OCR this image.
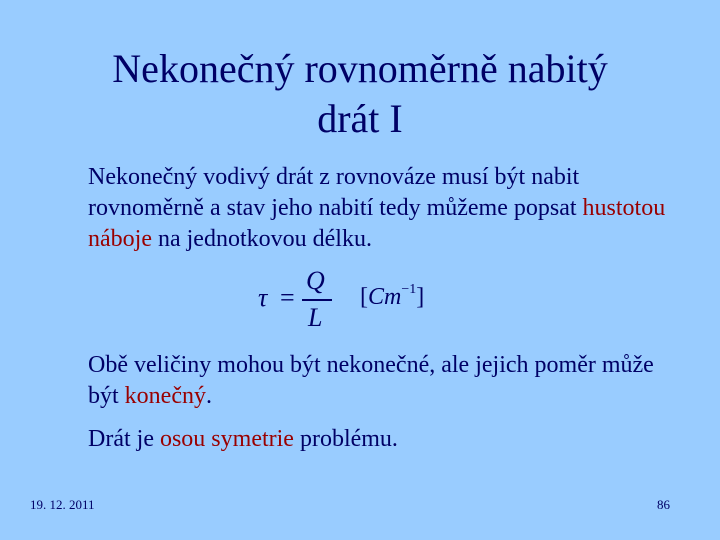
Nekonečný rovnoměrně nabitý
drát I
Nekonečný vodivý drát z rovnováze musí být nabit rovnoměrně a stav jeho nabití tedy můžeme popsat hustotou náboje na jednotkovou délku.
τ =
Q
L
$[Cm^{-1}]$
Obě veličiny mohou být nekonečné, ale jejich poměr může být konečný.
Drát je osou symetrie problému.
19. 12. 2011	86
